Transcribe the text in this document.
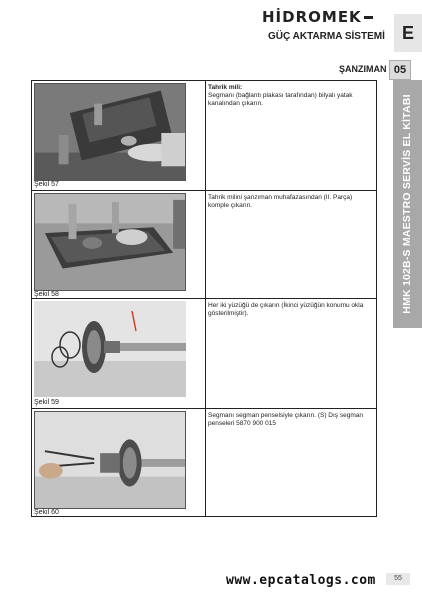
HİDROMEK
GÜÇ AKTARMA SİSTEMİ E
ŞANZIMAN 05
HMK 102B-S MAESTRO SERVİS EL KİTABI
Şekil 57
Tahrik mili:
Segmanı (bağlantı plakası tarafından) bilyalı yatak kanalından çıkarın.
Şekil 58
Tahrik milini şanzıman muhafazasından (II. Parça) komple çıkarın.
Şekil 59
Her iki yüzüğü de çıkarın (İkinci yüzüğün konumu okla gösterilmiştir).
Şekil 60
Segmanı segman penselsiyle çıkarın. (S) Dış segman penseleri 5870 900 015
www.epcatalogs.com	55
